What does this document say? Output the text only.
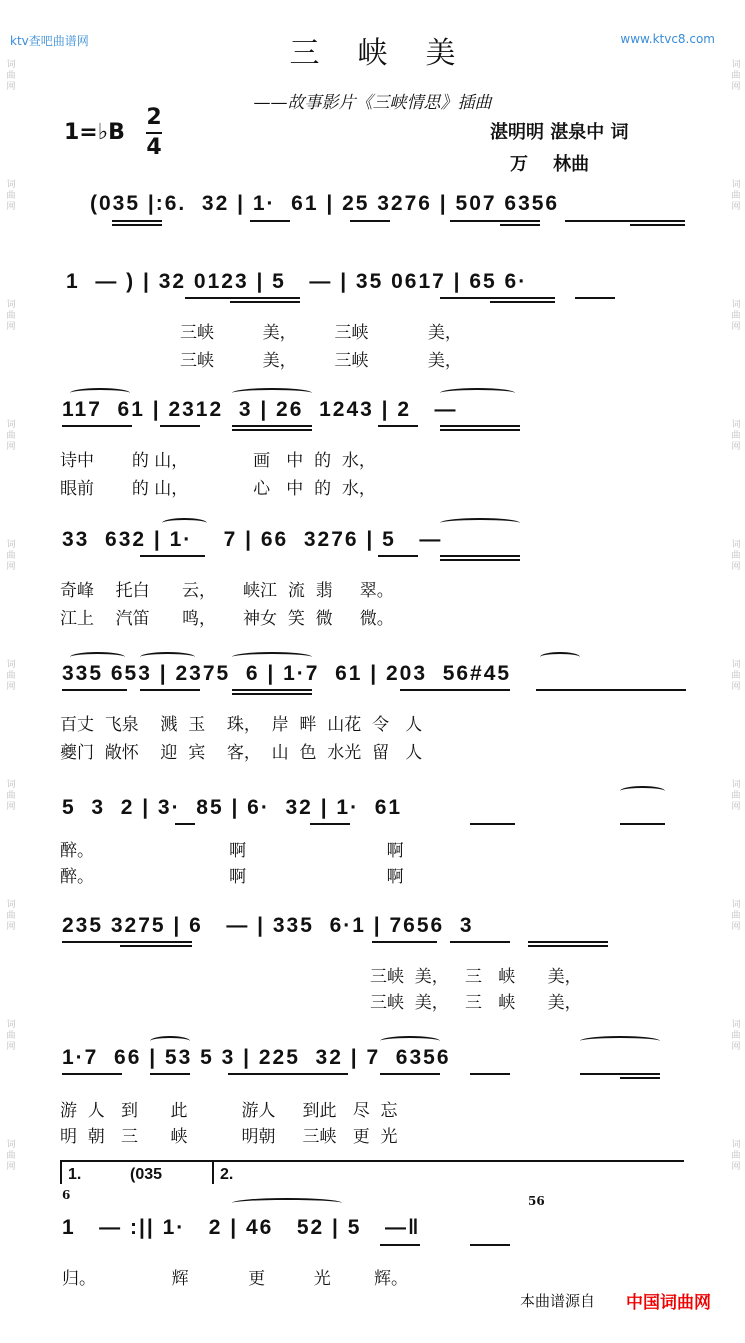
词
曲
网
词
曲
网
词
曲
网
词
曲
网
词
曲
网
词
曲
网
词
曲
网
词
曲
网
词
曲
网
词
曲
网
词
曲
网
词
曲
网
词
曲
网
词
曲
网
词
曲
网
词
曲
网
词
曲
网
词
曲
网
词
曲
网
词
曲
网
ktv查吧曲谱网	www.ktvc8.com
三峡美
——故事影片《三峡情思》插曲
1=♭B
2
4
湛明明 湛泉中 词
万    林曲
(035 |:6.  32 | 1·  61 | 25 3276 | 507 6356
1  — ) | 32 0123 | 5   — | 35 0617 | 65 6·
三峡         美，       三峡           美，
三峡         美，       三峡           美，
117  61 | 2312  3 | 26  1243 | 2   —
诗中       的 山，            画   中  的  水，
眼前       的 山，            心   中  的  水，
33  632 | 1·    7 | 66  3276 | 5   —
奇峰    托白      云，     峡江  流  翡     翠。
江上    汽笛      鸣，     神女  笑  微     微。
335 653 | 2375  6 | 1·7  61 | 203  56#45
百丈  飞泉    溅  玉    珠，  岸  畔  山花  令   人
夔门  敞怀    迎  宾    客，  山  色  水光  留   人
5  3  2 | 3·  85 | 6·  32 | 1·  61
醉。                         啊                          啊
醉。                         啊                          啊
235 3275 | 6   — | 335  6·1 | 7656  3
三峡  美，   三   峡      美，
三峡  美，   三   峡      美，
1·7  66 | 53 5 3 | 225  32 | 7  6356
游  人   到      此          游人     到此   尽  忘
明  朝   三      峡          明朝     三峡   更  光
1.	(035	2.
6	56
1   — :|| 1·   2 | 46   52 | 5   —‖
归。              辉           更         光        辉。
本曲谱源自 中国词曲网
